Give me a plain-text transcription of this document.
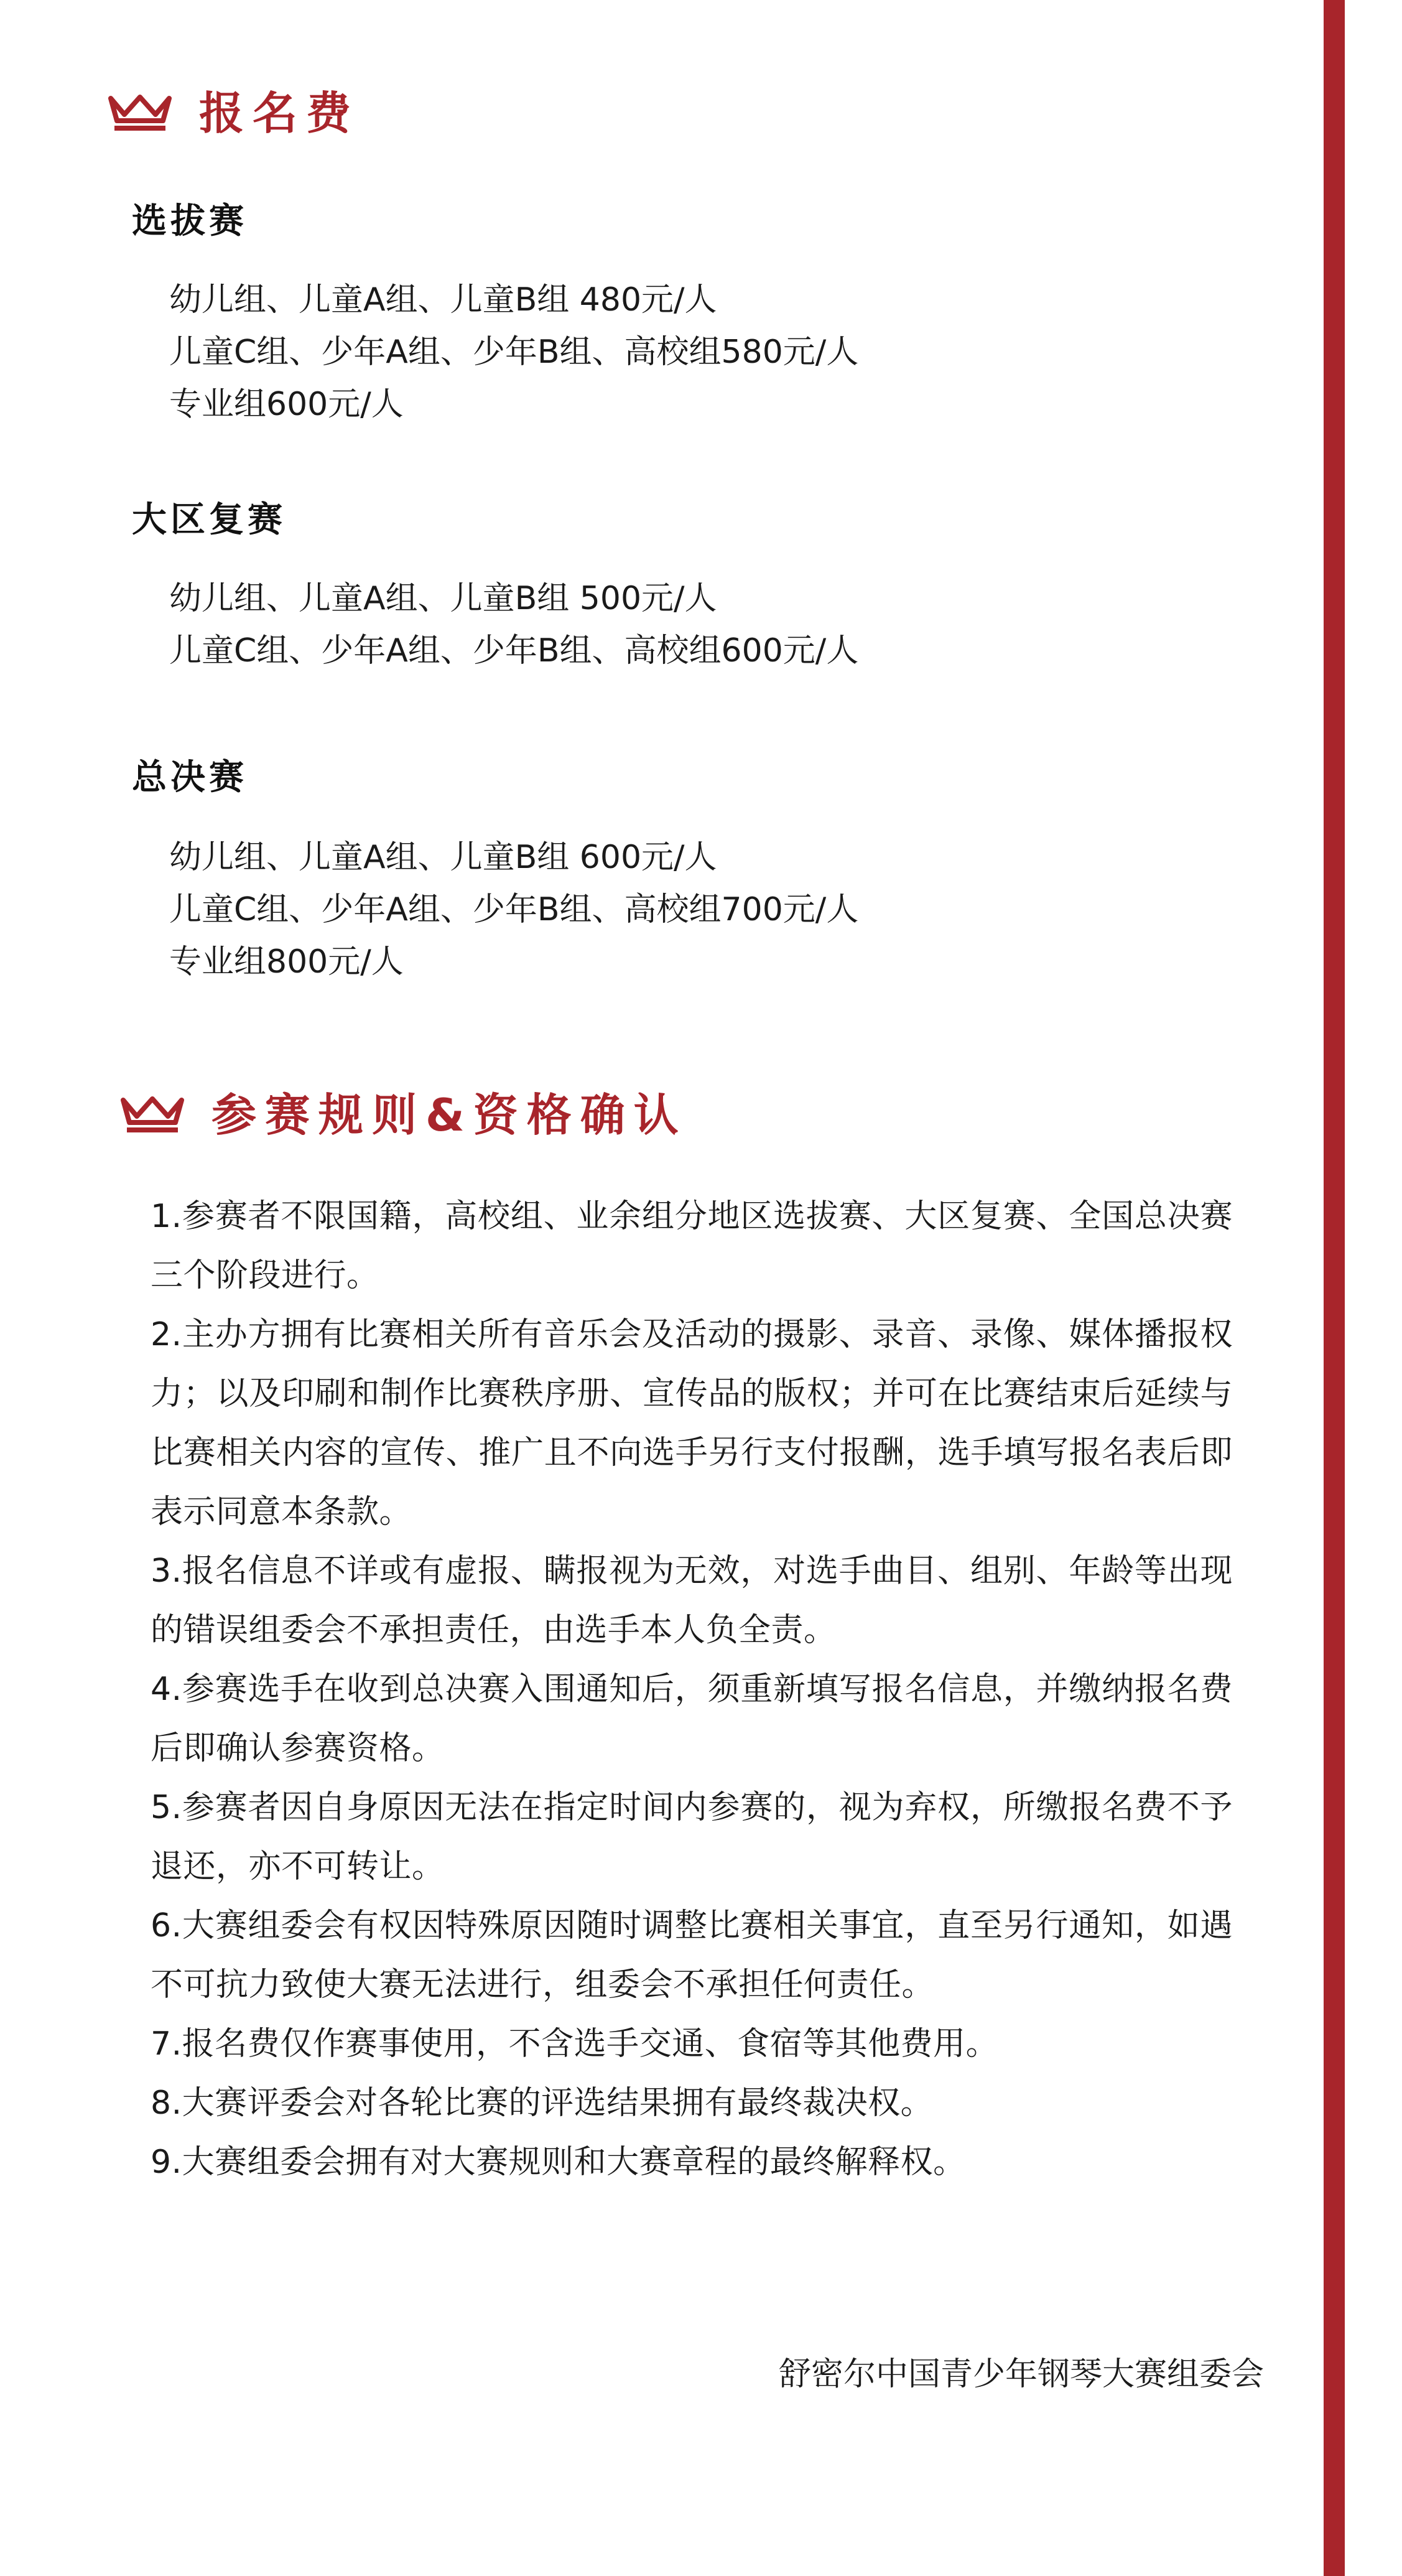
报名费
选拔赛
幼儿组、儿童A组、儿童B组 480元/人
儿童C组、少年A组、少年B组、高校组580元/人
专业组600元/人
大区复赛
幼儿组、儿童A组、儿童B组 500元/人
儿童C组、少年A组、少年B组、高校组600元/人
总决赛
幼儿组、儿童A组、儿童B组 600元/人
儿童C组、少年A组、少年B组、高校组700元/人
专业组800元/人
参赛规则&资格确认
1.参赛者不限国籍，高校组、业余组分地区选拔赛、大区复赛、全国总决赛三个阶段进行。
2.主办方拥有比赛相关所有音乐会及活动的摄影、录音、录像、媒体播报权力；以及印刷和制作比赛秩序册、宣传品的版权；并可在比赛结束后延续与比赛相关内容的宣传、推广且不向选手另行支付报酬，选手填写报名表后即表示同意本条款。
3.报名信息不详或有虚报、瞒报视为无效，对选手曲目、组别、年龄等出现的错误组委会不承担责任，由选手本人负全责。
4.参赛选手在收到总决赛入围通知后，须重新填写报名信息，并缴纳报名费后即确认参赛资格。
5.参赛者因自身原因无法在指定时间内参赛的，视为弃权，所缴报名费不予退还，亦不可转让。
6.大赛组委会有权因特殊原因随时调整比赛相关事宜，直至另行通知，如遇不可抗力致使大赛无法进行，组委会不承担任何责任。
7.报名费仅作赛事使用，不含选手交通、食宿等其他费用。
8.大赛评委会对各轮比赛的评选结果拥有最终裁决权。
9.大赛组委会拥有对大赛规则和大赛章程的最终解释权。
舒密尔中国青少年钢琴大赛组委会
